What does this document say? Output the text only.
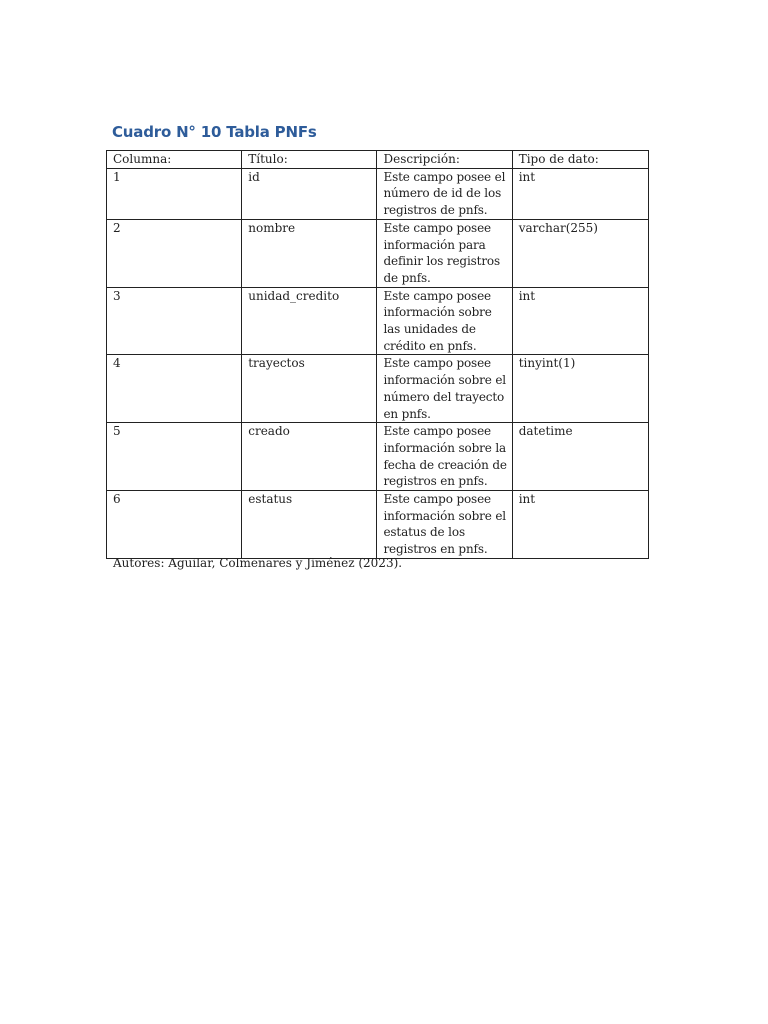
Cuadro N° 10 Tabla PNFs
Columna:	Título:	Descripción:	Tipo de dato:
1	id	Este campo posee el
número de id de los
registros de pnfs.	int
2	nombre	Este campo posee
información para
definir los registros
de pnfs.	varchar(255)
3	unidad_credito	Este campo posee
información sobre
las unidades de
crédito en pnfs.	int
4	trayectos	Este campo posee
información sobre el
número del trayecto
en pnfs.	tinyint(1)
5	creado	Este campo posee
información sobre la
fecha de creación de
registros en pnfs.	datetime
6	estatus	Este campo posee
información sobre el
estatus de los
registros en pnfs.	int
Autores: Aguilar, Colmenares y Jiménez (2023).
